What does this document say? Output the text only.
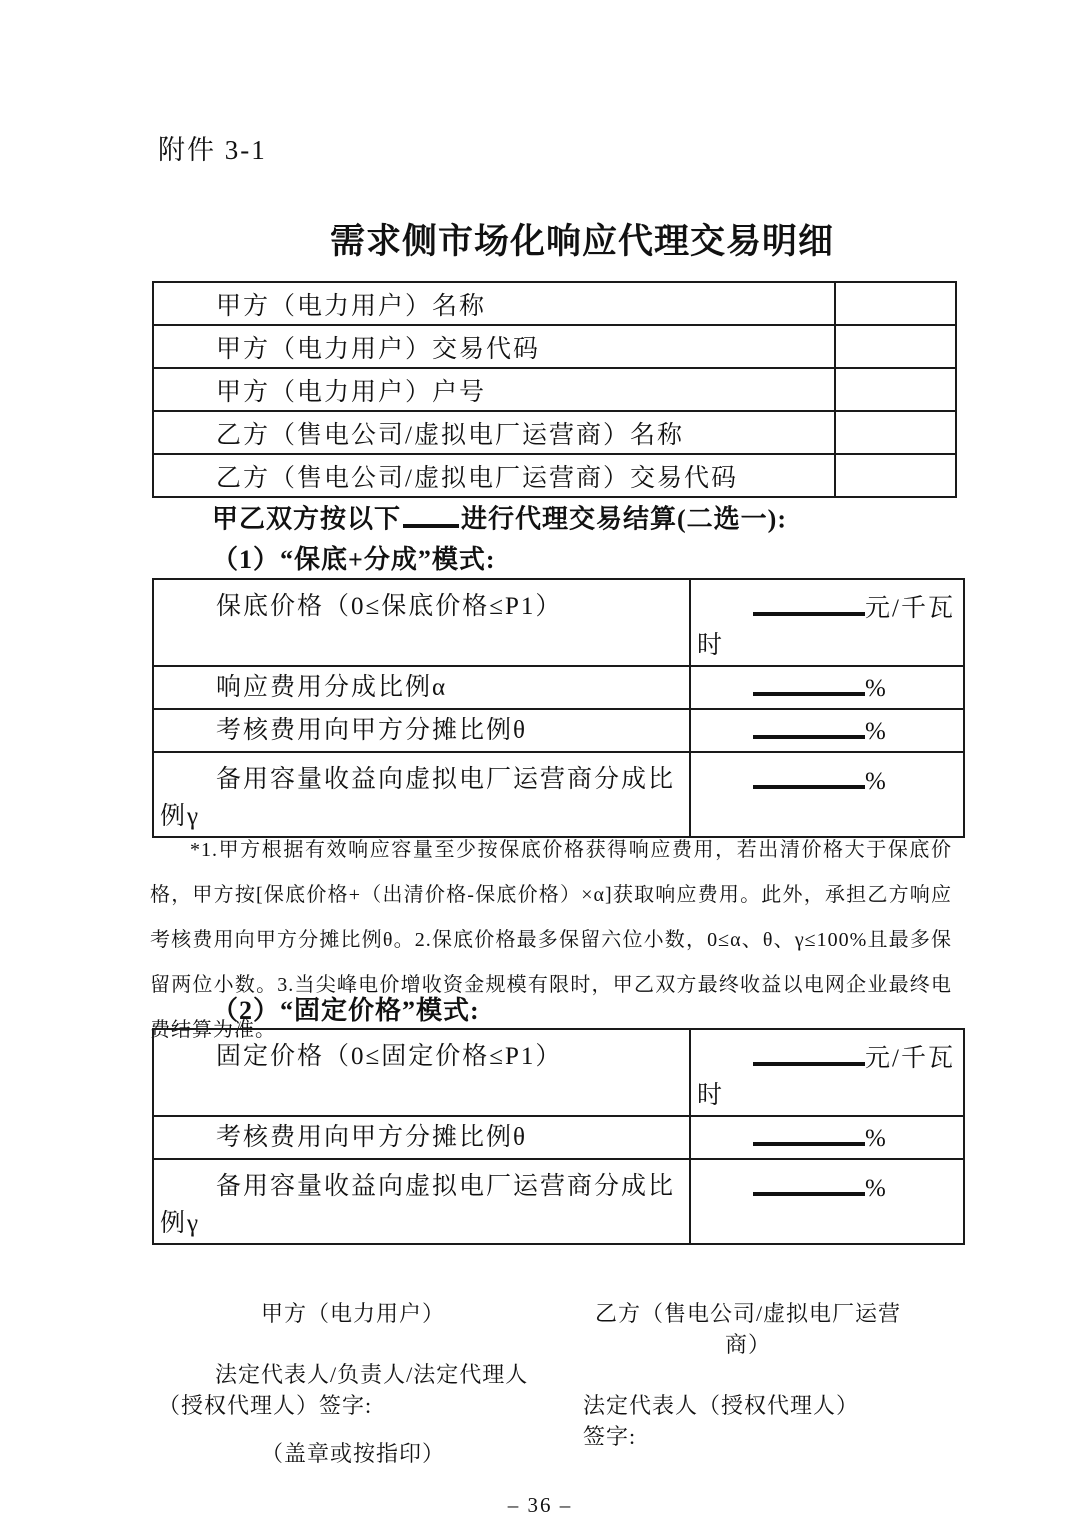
附件 3-1
需求侧市场化响应代理交易明细
甲方（电力用户）名称	
甲方（电力用户）交易代码	
甲方（电力用户）户号	
乙方（售电公司/虚拟电厂运营商）名称	
乙方（售电公司/虚拟电厂运营商）交易代码	
甲乙双方按以下 进行代理交易结算(二选一):
（1）“保底+分成”模式:
保底价格（0≤保底价格≤P1）	元/千瓦时
响应费用分成比例α	%
考核费用向甲方分摊比例θ	%
备用容量收益向虚拟电厂运营商分成比例γ	%
*1.甲方根据有效响应容量至少按保底价格获得响应费用，若出清价格大于保底价格，甲方按[保底价格+（出清价格-保底价格）×α]获取响应费用。此外，承担乙方响应考核费用向甲方分摊比例θ。2.保底价格最多保留六位小数，0≤α、θ、γ≤100%且最多保留两位小数。3.当尖峰电价增收资金规模有限时，甲乙双方最终收益以电网企业最终电费结算为准。
（2）“固定价格”模式:
固定价格（0≤固定价格≤P1）	元/千瓦时
考核费用向甲方分摊比例θ	%
备用容量收益向虚拟电厂运营商分成比例γ	%
甲方（电力用户）
法定代表人/负责人/法定代理人（授权代理人）签字:
（盖章或按指印）
乙方（售电公司/虚拟电厂运营商）
法定代表人（授权代理人）签字:
– 36 –
